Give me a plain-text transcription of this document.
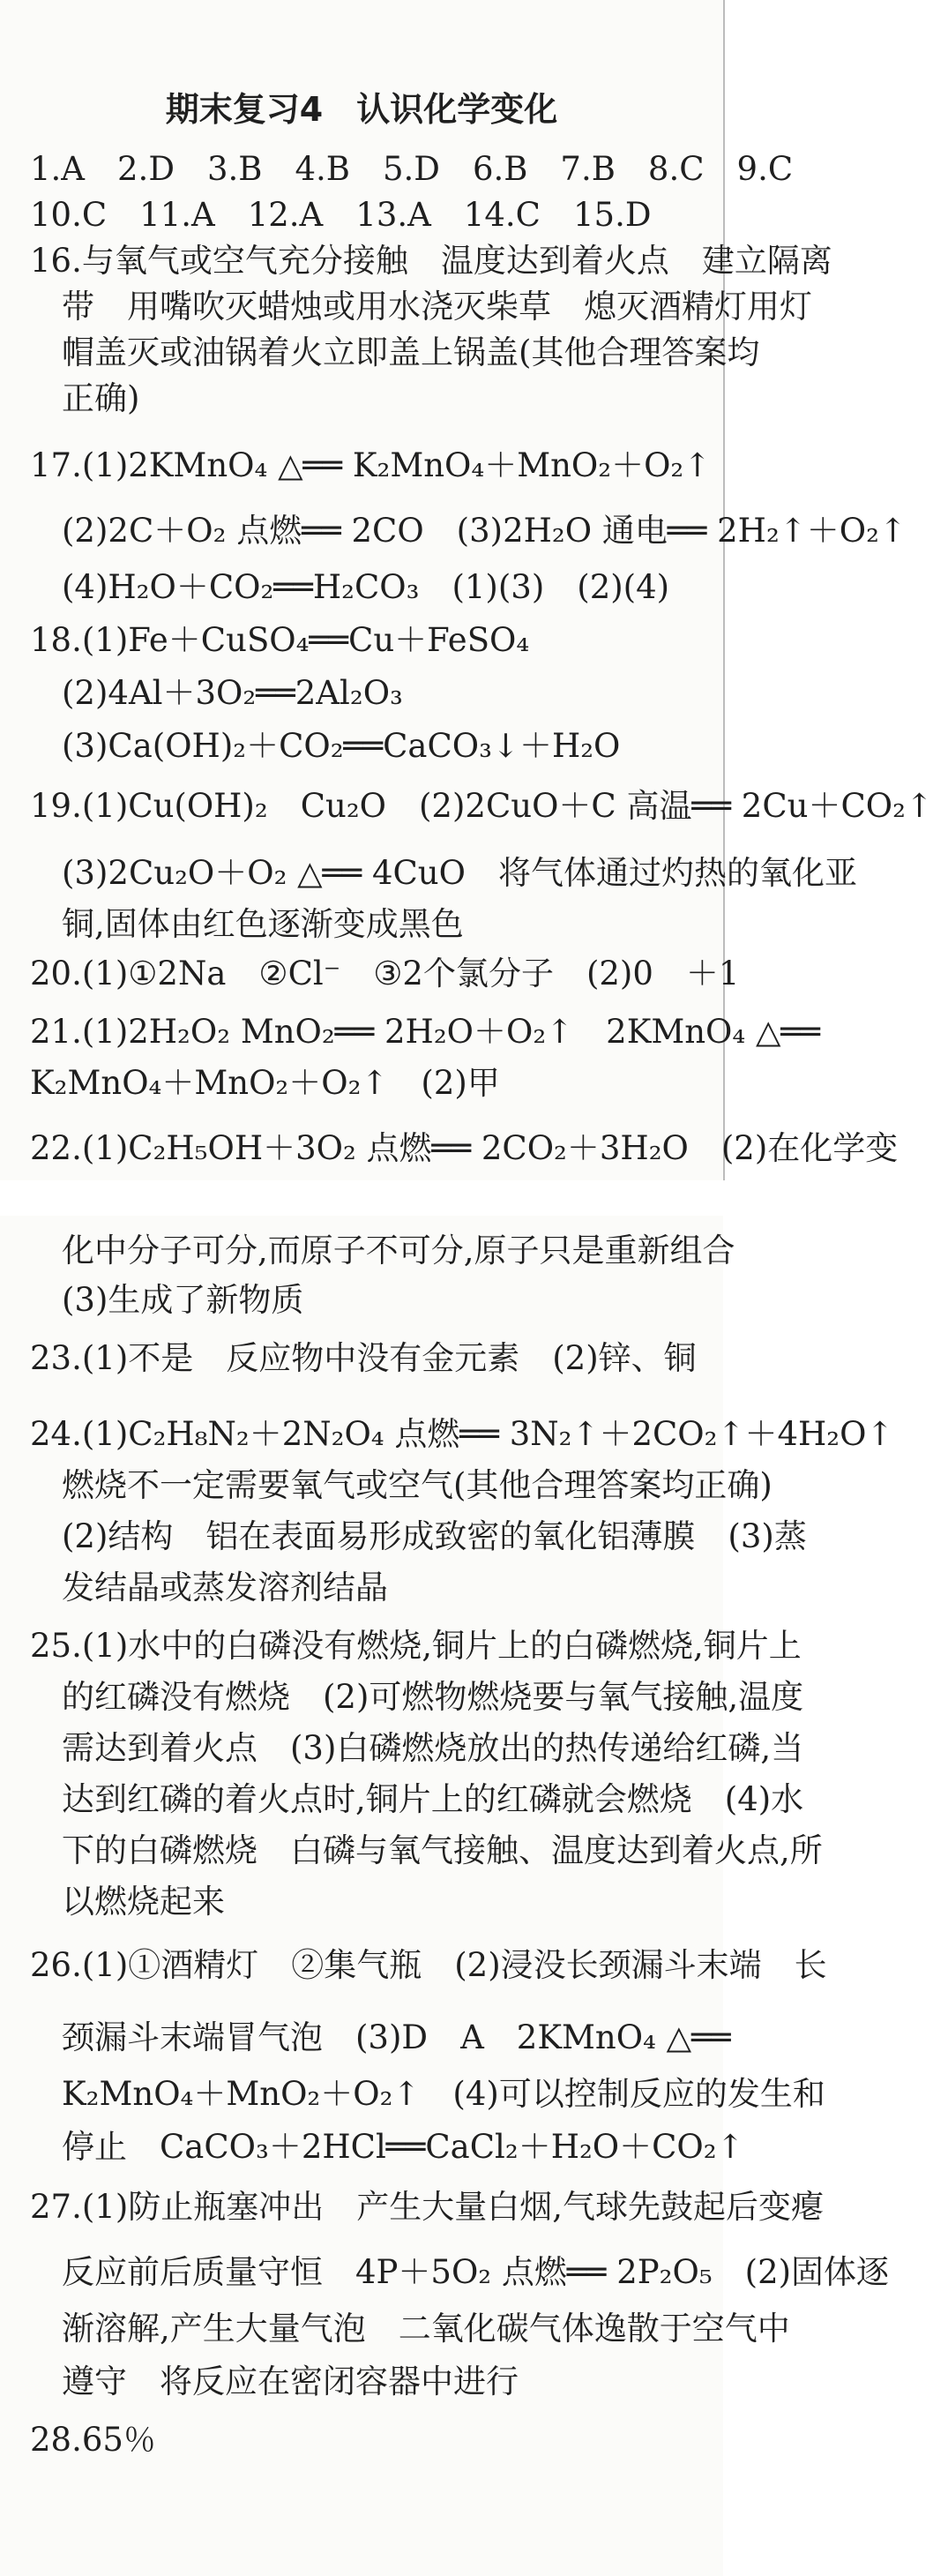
期末复习4　认识化学变化
1.A　2.D　3.B　4.B　5.D　6.B　7.B　8.C　9.C
10.C　11.A　12.A　13.A　14.C　15.D
16.与氧气或空气充分接触　温度达到着火点　建立隔离
带　用嘴吹灭蜡烛或用水浇灭柴草　熄灭酒精灯用灯
帽盖灭或油锅着火立即盖上锅盖(其他合理答案均
正确)
17.(1)2KMnO₄ △══ K₂MnO₄＋MnO₂＋O₂↑
(2)2C＋O₂ 点燃══ 2CO　(3)2H₂O 通电══ 2H₂↑＋O₂↑
(4)H₂O＋CO₂══H₂CO₃　(1)(3)　(2)(4)
18.(1)Fe＋CuSO₄══Cu＋FeSO₄
(2)4Al＋3O₂══2Al₂O₃
(3)Ca(OH)₂＋CO₂══CaCO₃↓＋H₂O
19.(1)Cu(OH)₂　Cu₂O　(2)2CuO＋C 高温══ 2Cu＋CO₂↑
(3)2Cu₂O＋O₂ △══ 4CuO　将气体通过灼热的氧化亚
铜,固体由红色逐渐变成黑色
20.(1)①2Na　②Cl⁻　③2个氯分子　(2)0　＋1
21.(1)2H₂O₂ MnO₂══ 2H₂O＋O₂↑　2KMnO₄ △══
K₂MnO₄＋MnO₂＋O₂↑　(2)甲
22.(1)C₂H₅OH＋3O₂ 点燃══ 2CO₂＋3H₂O　(2)在化学变
化中分子可分,而原子不可分,原子只是重新组合
(3)生成了新物质
23.(1)不是　反应物中没有金元素　(2)锌、铜
24.(1)C₂H₈N₂＋2N₂O₄ 点燃══ 3N₂↑＋2CO₂↑＋4H₂O↑
燃烧不一定需要氧气或空气(其他合理答案均正确)
(2)结构　铝在表面易形成致密的氧化铝薄膜　(3)蒸
发结晶或蒸发溶剂结晶
25.(1)水中的白磷没有燃烧,铜片上的白磷燃烧,铜片上
的红磷没有燃烧　(2)可燃物燃烧要与氧气接触,温度
需达到着火点　(3)白磷燃烧放出的热传递给红磷,当
达到红磷的着火点时,铜片上的红磷就会燃烧　(4)水
下的白磷燃烧　白磷与氧气接触、温度达到着火点,所
以燃烧起来
26.(1)①酒精灯　②集气瓶　(2)浸没长颈漏斗末端　长
颈漏斗末端冒气泡　(3)D　A　2KMnO₄ △══
K₂MnO₄＋MnO₂＋O₂↑　(4)可以控制反应的发生和
停止　CaCO₃＋2HCl══CaCl₂＋H₂O＋CO₂↑
27.(1)防止瓶塞冲出　产生大量白烟,气球先鼓起后变瘪
反应前后质量守恒　4P＋5O₂ 点燃══ 2P₂O₅　(2)固体逐
渐溶解,产生大量气泡　二氧化碳气体逸散于空气中
遵守　将反应在密闭容器中进行
28.65％
